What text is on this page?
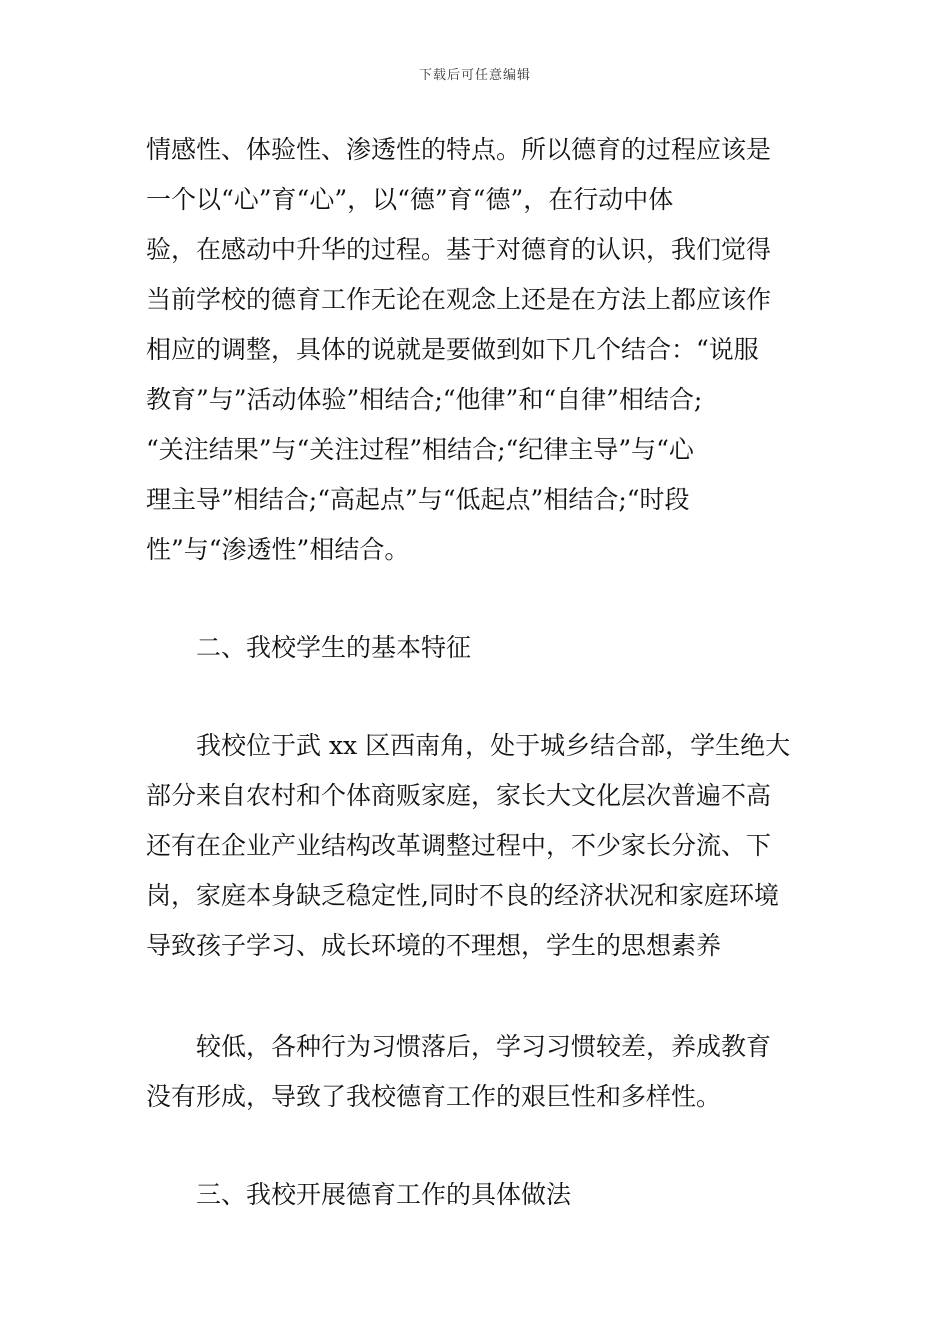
下载后可任意编辑
情感性、体验性、渗透性的特点。所以德育的过程应该是
一个以“心”育“心”，以“德”育“德”，在行动中体
验，在感动中升华的过程。基于对德育的认识，我们觉得
当前学校的德育工作无论在观念上还是在方法上都应该作
相应的调整，具体的说就是要做到如下几个结合：“说服
教育”与”活动体验”相结合;“他律”和“自律”相结合;
“关注结果”与“关注过程”相结合;“纪律主导”与“心
理主导”相结合;“高起点”与“低起点”相结合;“时段
性”与“渗透性”相结合。
二、我校学生的基本特征
我校位于武 xx 区西南角，处于城乡结合部，学生绝大
部分来自农村和个体商贩家庭，家长大文化层次普遍不高
还有在企业产业结构改革调整过程中，不少家长分流、下
岗，家庭本身缺乏稳定性,同时不良的经济状况和家庭环境
导致孩子学习、成长环境的不理想，学生的思想素养
较低，各种行为习惯落后，学习习惯较差，养成教育
没有形成，导致了我校德育工作的艰巨性和多样性。
三、我校开展德育工作的具体做法
